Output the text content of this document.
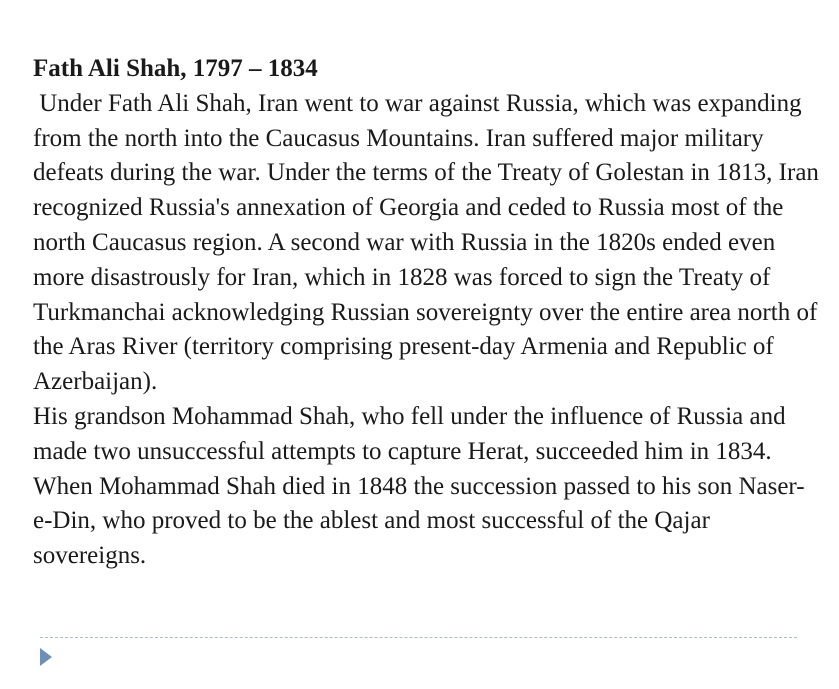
Fath Ali Shah, 1797 – 1834
Under Fath Ali Shah, Iran went to war against Russia, which was expanding from the north into the Caucasus Mountains. Iran suffered major military defeats during the war. Under the terms of the Treaty of Golestan in 1813, Iran recognized Russia's annexation of Georgia and ceded to Russia most of the north Caucasus region. A second war with Russia in the 1820s ended even more disastrously for Iran, which in 1828 was forced to sign the Treaty of Turkmanchai acknowledging Russian sovereignty over the entire area north of the Aras River (territory comprising present-day Armenia and Republic of Azerbaijan).
His grandson Mohammad Shah, who fell under the influence of Russia and made two unsuccessful attempts to capture Herat, succeeded him in 1834. When Mohammad Shah died in 1848 the succession passed to his son Naser-e-Din, who proved to be the ablest and most successful of the Qajar sovereigns.
